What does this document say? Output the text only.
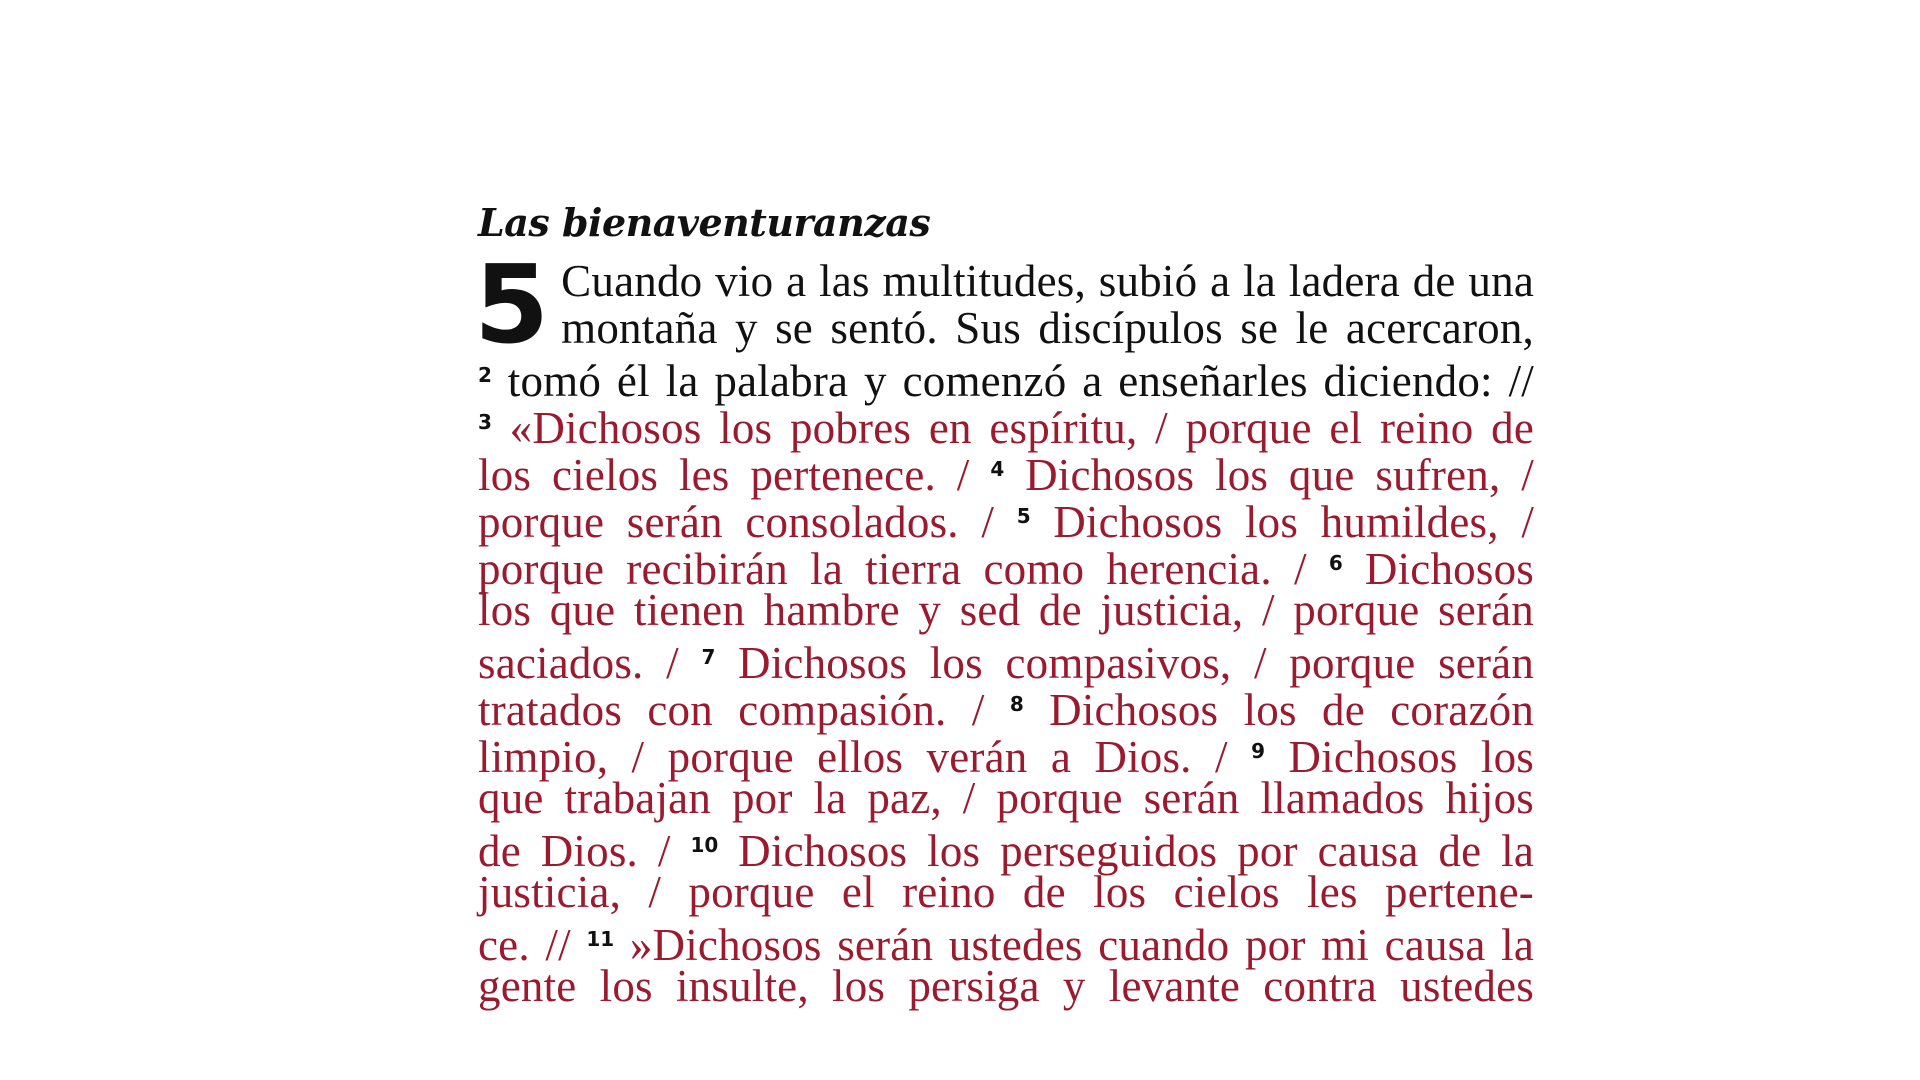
Las bienaventuranzas
5 Cuando vio a las multitudes, subió a la ladera de una
montaña y se sentó. Sus discípulos se le acercaron,
$^2$ tomó él la palabra y comenzó a enseñarles diciendo: //
$^3$ «Dichosos los pobres en espíritu, / porque el reino de
los cielos les pertenece. / $^4$ Dichosos los que sufren, /
porque serán consolados. / $^5$ Dichosos los humildes, /
porque recibirán la tierra como herencia. / $^6$ Dichosos
los que tienen hambre y sed de justicia, / porque serán
saciados. / $^7$ Dichosos los compasivos, / porque serán
tratados con compasión. / $^8$ Dichosos los de corazón
limpio, / porque ellos verán a Dios. / $^9$ Dichosos los
que trabajan por la paz, / porque serán llamados hijos
de Dios. / $^{10}$ Dichosos los perseguidos por causa de la
justicia, / porque el reino de los cielos les pertene-
ce. // $^{11}$ »Dichosos serán ustedes cuando por mi causa la
gente los insulte, los persiga y levante contra ustedes
